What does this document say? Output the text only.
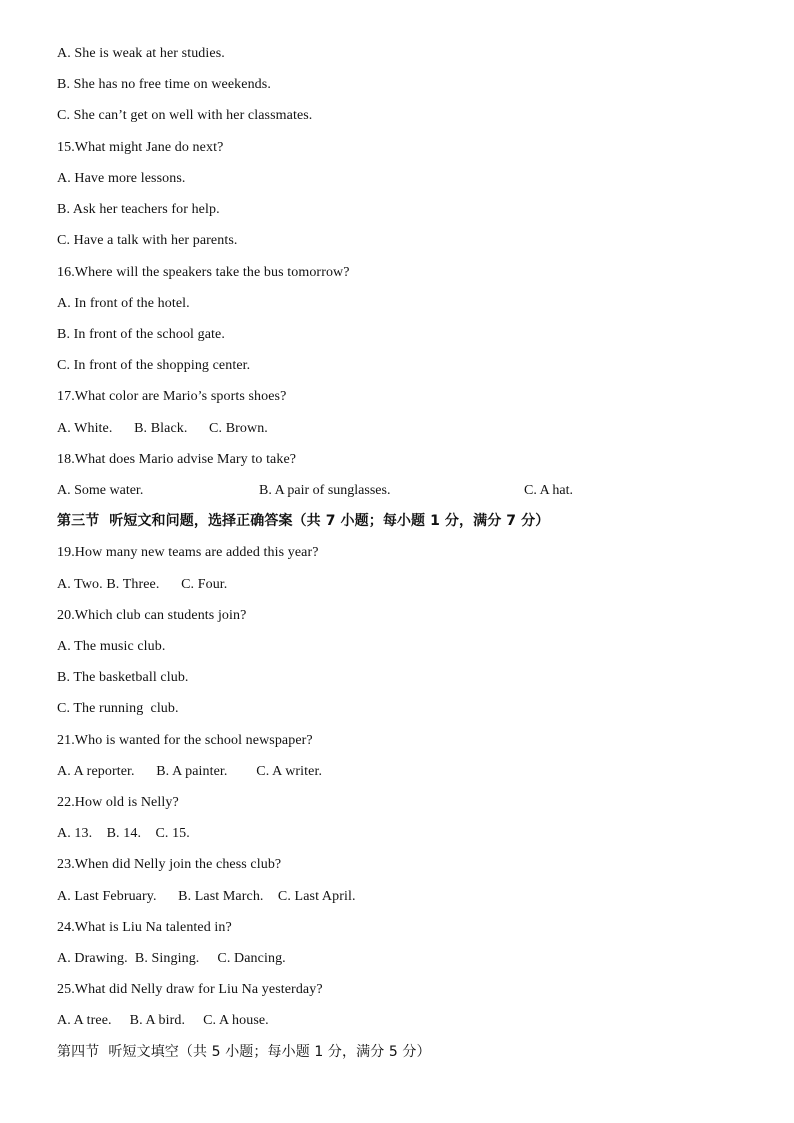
A. She is weak at her studies.
B. She has no free time on weekends.
C. She can’t get on well with her classmates.
15.What might Jane do next?
A. Have more lessons.
B. Ask her teachers for help.
C. Have a talk with her parents.
16.Where will the speakers take the bus tomorrow?
A. In front of the hotel.
B. In front of the school gate.
C. In front of the shopping center.
17.What color are Mario’s sports shoes?
A. White.      B. Black.      C. Brown.
18.What does Mario advise Mary to take?
A. Some water.	B. A pair of sunglasses.	C. A hat.
第三节  听短文和问题，选择正确答案（共 7 小题；每小题 1 分，满分 7 分）
19.How many new teams are added this year?
A. Two. B. Three.      C. Four.
20.Which club can students join?
A. The music club.
B. The basketball club.
C. The running  club.
21.Who is wanted for the school newspaper?
A. A reporter.      B. A painter.        C. A writer.
22.How old is Nelly?
A. 13.    B. 14.    C. 15.
23.When did Nelly join the chess club?
A. Last February.      B. Last March.    C. Last April.
24.What is Liu Na talented in?
A. Drawing.  B. Singing.     C. Dancing.
25.What did Nelly draw for Liu Na yesterday?
A. A tree.     B. A bird.     C. A house.
第四节  听短文填空（共 5 小题；每小题 1 分，满分 5 分）
